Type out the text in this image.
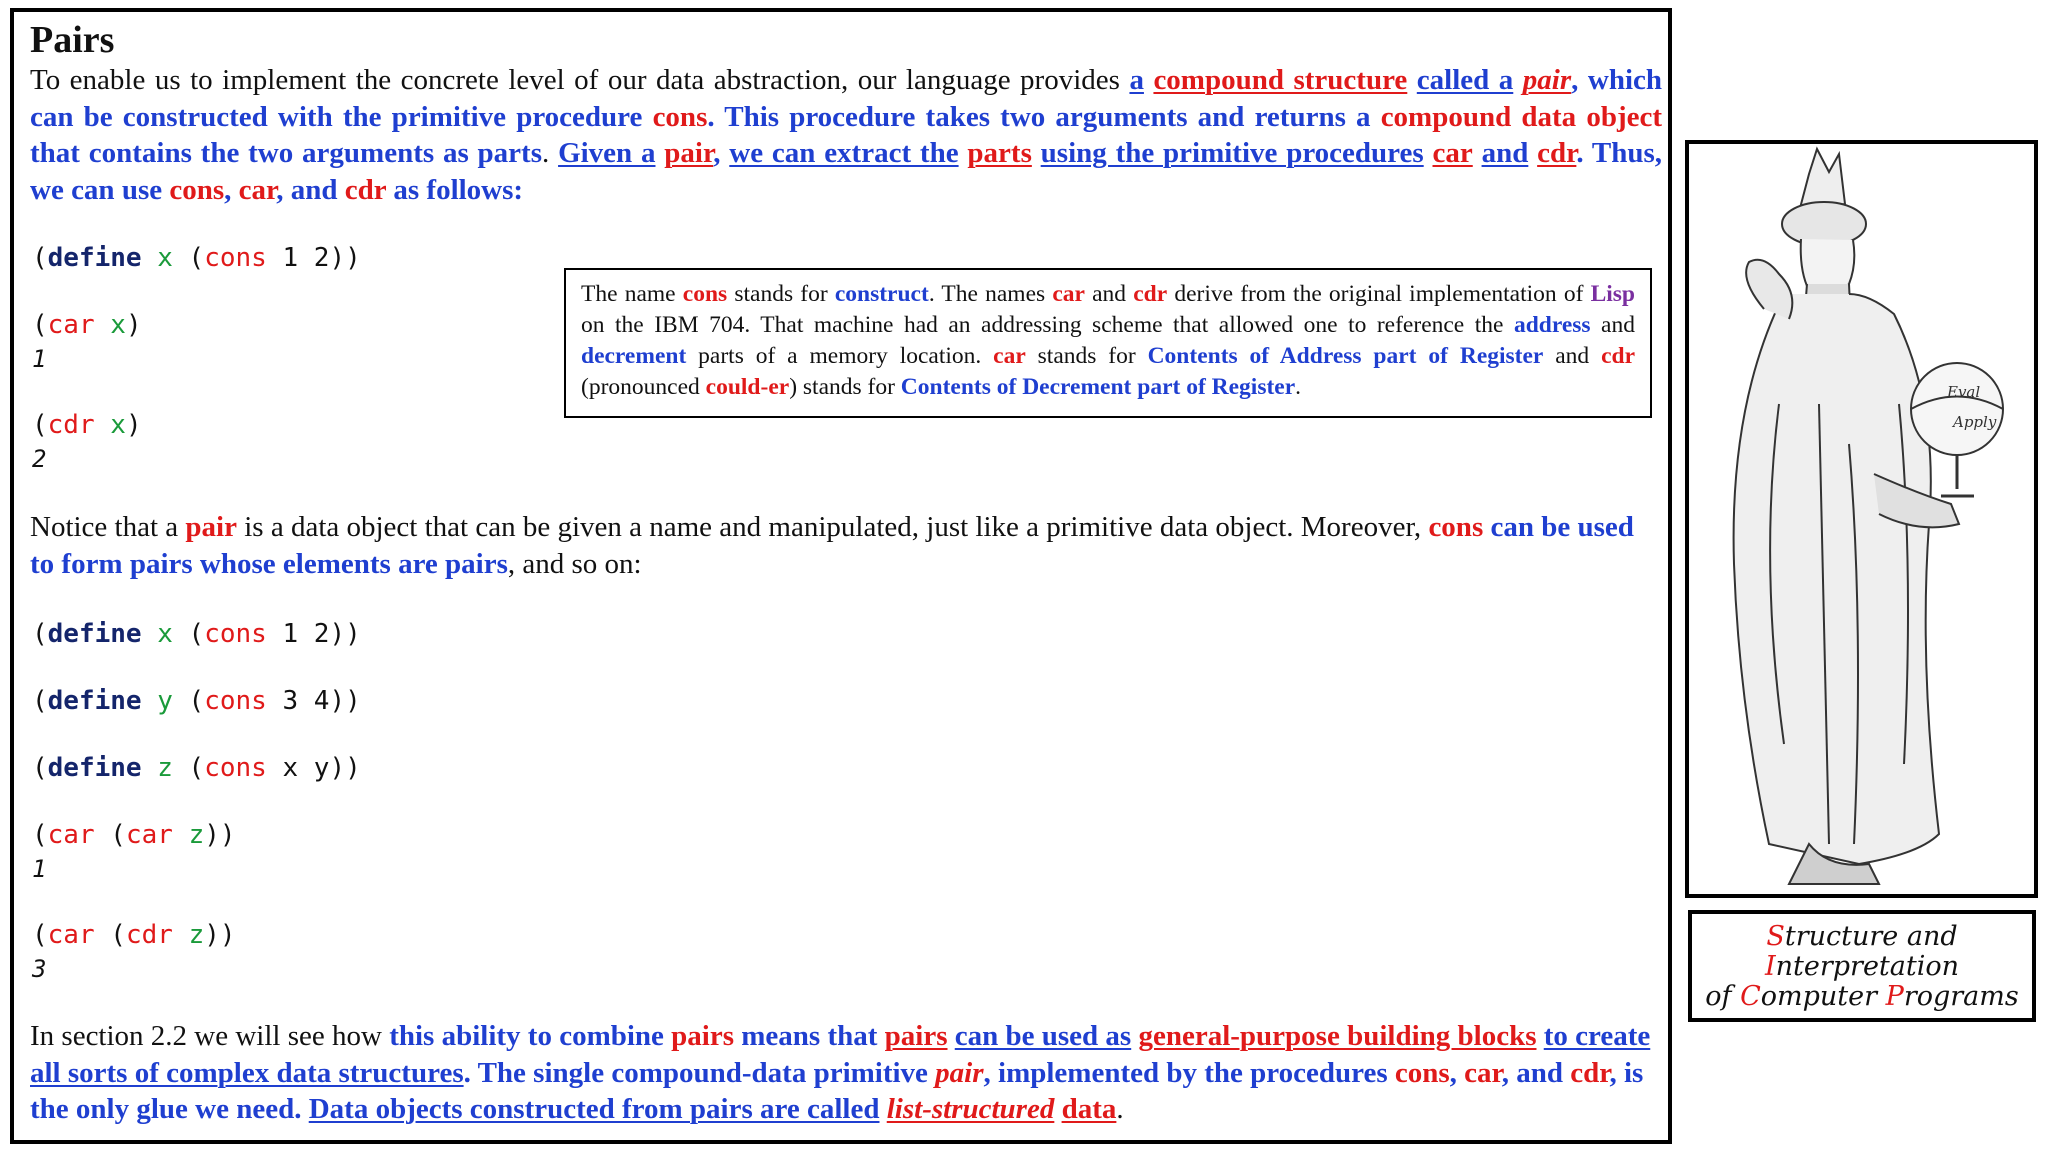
Pairs

To enable us to implement the concrete level of our data abstraction, our language provides a compound structure called a pair, which can be constructed with the primitive procedure cons. This procedure takes two arguments and returns a compound data object that contains the two arguments as parts. Given a pair, we can extract the parts using the primitive procedures car and cdr. Thus, we can use cons, car, and cdr as follows:

(define x (cons 1 2))
(car x)
1
(cdr x)
2
The name cons stands for construct. The names car and cdr derive from the original implementation of Lisp on the IBM 704. That machine had an addressing scheme that allowed one to reference the address and decrement parts of a memory location. car stands for Contents of Address part of Register and cdr (pronounced could-er) stands for Contents of Decrement part of Register.

Notice that a pair is a data object that can be given a name and manipulated, just like a primitive data object. Moreover, cons can be used to form pairs whose elements are pairs, and so on:

(define x (cons 1 2))
(define y (cons 3 4))
(define z (cons x y))
(car (car z))
1
(car (cdr z))
3

In section 2.2 we will see how this ability to combine pairs means that pairs can be used as general-purpose building blocks to create all sorts of complex data structures. The single compound-data primitive pair, implemented by the procedures cons, car, and cdr, is the only glue we need. Data objects constructed from pairs are called list-structured data.

Eval
Apply
Structure and
Interpretation
of Computer Programs
